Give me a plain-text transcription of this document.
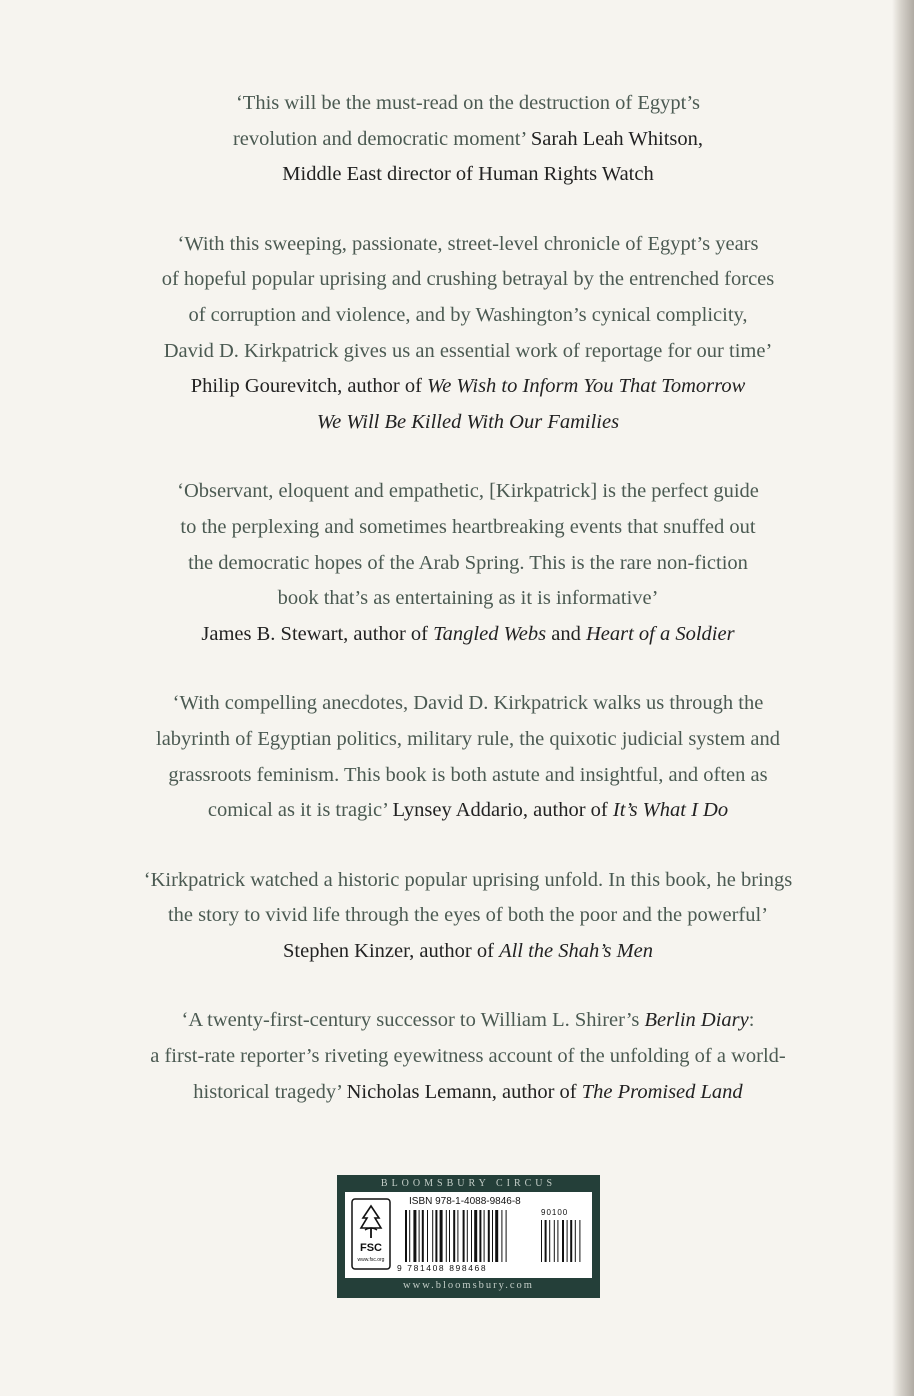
‘This will be the must-read on the destruction of Egypt’s
revolution and democratic moment’ Sarah Leah Whitson,
Middle East director of Human Rights Watch
‘With this sweeping, passionate, street-level chronicle of Egypt’s years
of hopeful popular uprising and crushing betrayal by the entrenched forces
of corruption and violence, and by Washington’s cynical complicity,
David D. Kirkpatrick gives us an essential work of reportage for our time’
Philip Gourevitch, author of We Wish to Inform You That Tomorrow
We Will Be Killed With Our Families
‘Observant, eloquent and empathetic, [Kirkpatrick] is the perfect guide
to the perplexing and sometimes heartbreaking events that snuffed out
the democratic hopes of the Arab Spring. This is the rare non-fiction
book that’s as entertaining as it is informative’
James B. Stewart, author of Tangled Webs and Heart of a Soldier
‘With compelling anecdotes, David D. Kirkpatrick walks us through the
labyrinth of Egyptian politics, military rule, the quixotic judicial system and
grassroots feminism. This book is both astute and insightful, and often as
comical as it is tragic’ Lynsey Addario, author of It’s What I Do
‘Kirkpatrick watched a historic popular uprising unfold. In this book, he brings
the story to vivid life through the eyes of both the poor and the powerful’
Stephen Kinzer, author of All the Shah’s Men
‘A twenty-first-century successor to William L. Shirer’s Berlin Diary:
a first-rate reporter’s riveting eyewitness account of the unfolding of a world-
historical tragedy’ Nicholas Lemann, author of The Promised Land
BLOOMSBURY CIRCUS
FSC
www.fsc.org
ISBN 978-1-4088-9846-8
90100
9 781408 898468
www.bloomsbury.com
